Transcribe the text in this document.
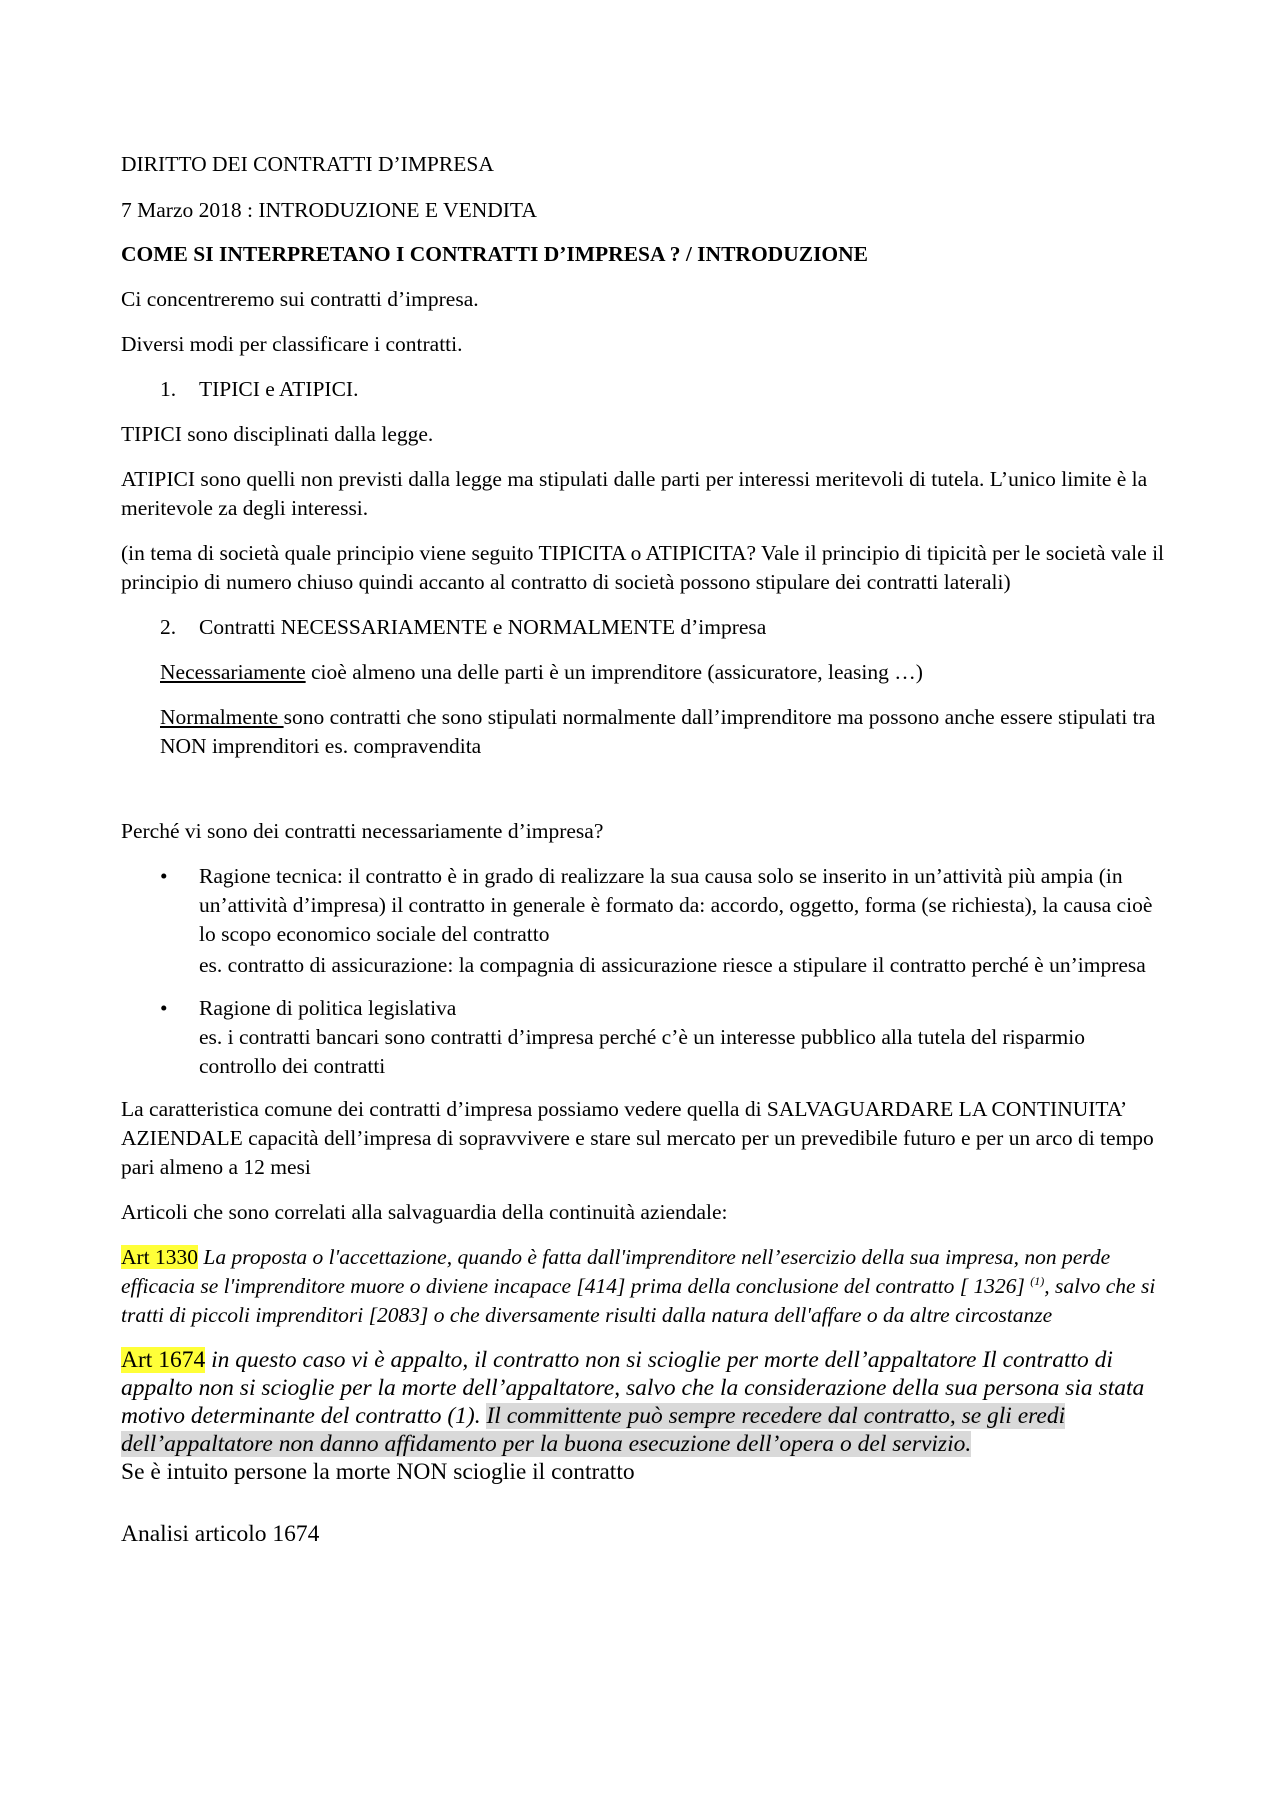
DIRITTO DEI CONTRATTI D’IMPRESA

7 Marzo 2018 : INTRODUZIONE E VENDITA

COME SI INTERPRETANO I CONTRATTI D’IMPRESA ? / INTRODUZIONE

Ci concentreremo sui contratti d’impresa.

Diversi modi per classificare i contratti.

1. TIPICI e ATIPICI.

TIPICI sono disciplinati dalla legge.

ATIPICI sono quelli non previsti dalla legge ma stipulati dalle parti per interessi meritevoli di tutela. L’unico limite è la meritevole za degli interessi.

(in tema di società quale principio viene seguito TIPICITA o ATIPICITA? Vale il principio di tipicità per le società vale il principio di numero chiuso quindi accanto al contratto di società possono stipulare dei contratti laterali)

2. Contratti NECESSARIAMENTE e NORMALMENTE d’impresa

Necessariamente cioè almeno una delle parti è un imprenditore (assicuratore, leasing …)

Normalmente sono contratti che sono stipulati normalmente dall’imprenditore ma possono anche essere stipulati tra NON imprenditori es. compravendita

Perché vi sono dei contratti necessariamente d’impresa?

• Ragione tecnica: il contratto è in grado di realizzare la sua causa solo se inserito in un’attività più ampia (in un’attività d’impresa) il contratto in generale è formato da: accordo, oggetto, forma (se richiesta), la causa cioè lo scopo economico sociale del contratto

es. contratto di assicurazione: la compagnia di assicurazione riesce a stipulare il contratto perché è un’impresa

• Ragione di politica legislativa

es. i contratti bancari sono contratti d’impresa perché c’è un interesse pubblico alla tutela del risparmio controllo dei contratti

La caratteristica comune dei contratti d’impresa possiamo vedere quella di SALVAGUARDARE LA CONTINUITA’ AZIENDALE capacità dell’impresa di sopravvivere e stare sul mercato per un prevedibile futuro e per un arco di tempo pari almeno a 12 mesi

Articoli che sono correlati alla salvaguardia della continuità aziendale:

Art 1330 La proposta o l'accettazione, quando è fatta dall'imprenditore nell’esercizio della sua impresa, non perde efficacia se l'imprenditore muore o diviene incapace [414] prima della conclusione del contratto [ 1326] $^{(1)}$, salvo che si tratti di piccoli imprenditori [2083] o che diversamente risulti dalla natura dell'affare o da altre circostanze

Art 1674 in questo caso vi è appalto, il contratto non si scioglie per morte dell’appaltatore Il contratto di appalto non si scioglie per la morte dell’appaltatore, salvo che la considerazione della sua persona sia stata motivo determinante del contratto (1). Il committente può sempre recedere dal contratto, se gli eredi dell’appaltatore non danno affidamento per la buona esecuzione dell’opera o del servizio.

Se è intuito persone la morte NON scioglie il contratto

Analisi articolo 1674
